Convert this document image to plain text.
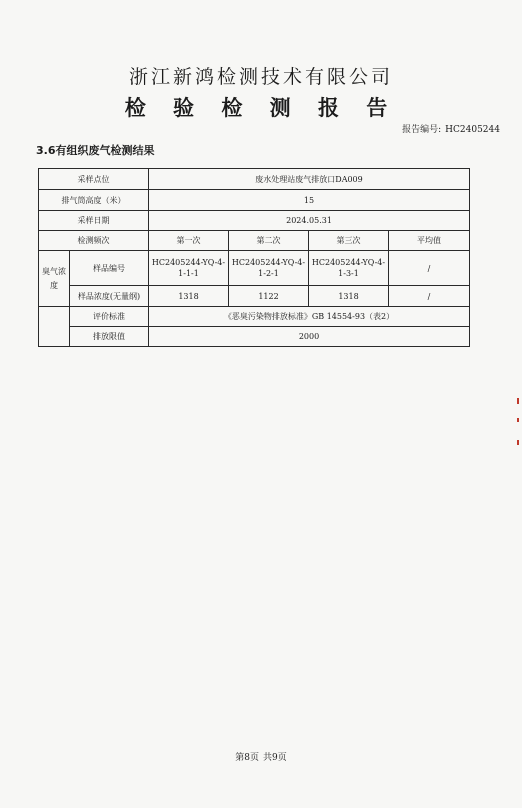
浙江新鸿检测技术有限公司
检 验 检 测 报 告
报告编号: HC2405244
3.6有组织废气检测结果
采样点位		废水处理站废气排放口DA009			
排气筒高度（米）		15			
采样日期		2024.05.31			
检测频次		第一次	第二次	第三次	平均值
臭气浓度	样品编号	HC2405244-YQ-4-1-1-1	HC2405244-YQ-4-1-2-1	HC2405244-YQ-4-1-3-1	/
	样品浓度(无量纲)	1318	1122	1318	/
	评价标准	《恶臭污染物排放标准》GB 14554-93（表2）			
	排放限值	2000			
第8页 共9页
